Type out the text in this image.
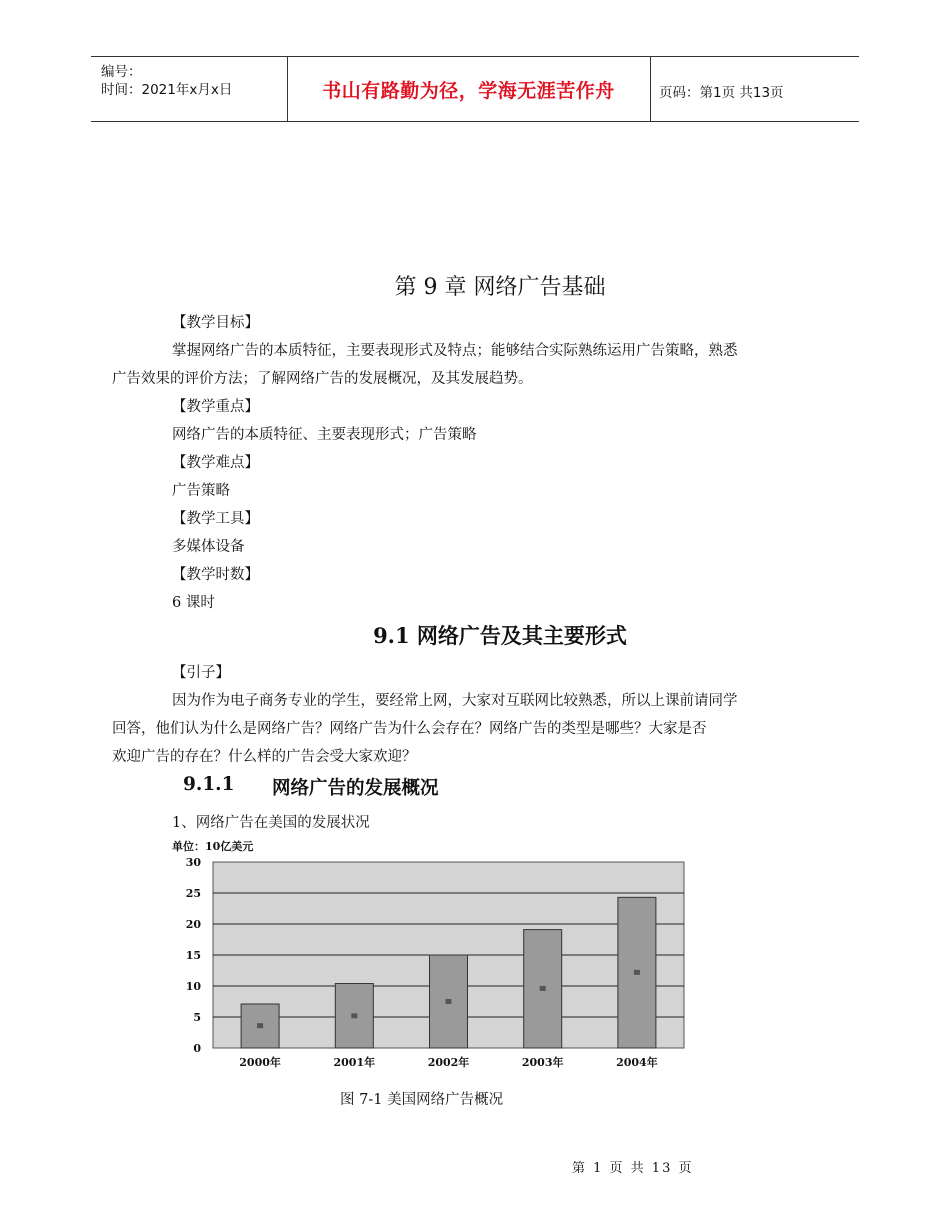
编号：
时间：2021年x月x日	书山有路勤为径，学海无涯苦作舟	页码：第1页 共13页
第 9 章 网络广告基础
【教学目标】
掌握网络广告的本质特征，主要表现形式及特点；能够结合实际熟练运用广告策略，熟悉
广告效果的评价方法；了解网络广告的发展概况，及其发展趋势。
【教学重点】
网络广告的本质特征、主要表现形式；广告策略
【教学难点】
广告策略
【教学工具】
多媒体设备
【教学时数】
6 课时
9.1 网络广告及其主要形式
【引子】
因为作为电子商务专业的学生，要经常上网，大家对互联网比较熟悉，所以上课前请同学
回答，他们认为什么是网络广告？网络广告为什么会存在？网络广告的类型是哪些？大家是否
欢迎广告的存在？什么样的广告会受大家欢迎？
9.1.1 网络广告的发展概况
1、网络广告在美国的发展状况
单位：10亿美元
0
5
10
15
20
25
30
2000年	2001年	2002年	2003年	2004年
图 7-1 美国网络广告概况
第 1 页 共 13 页
